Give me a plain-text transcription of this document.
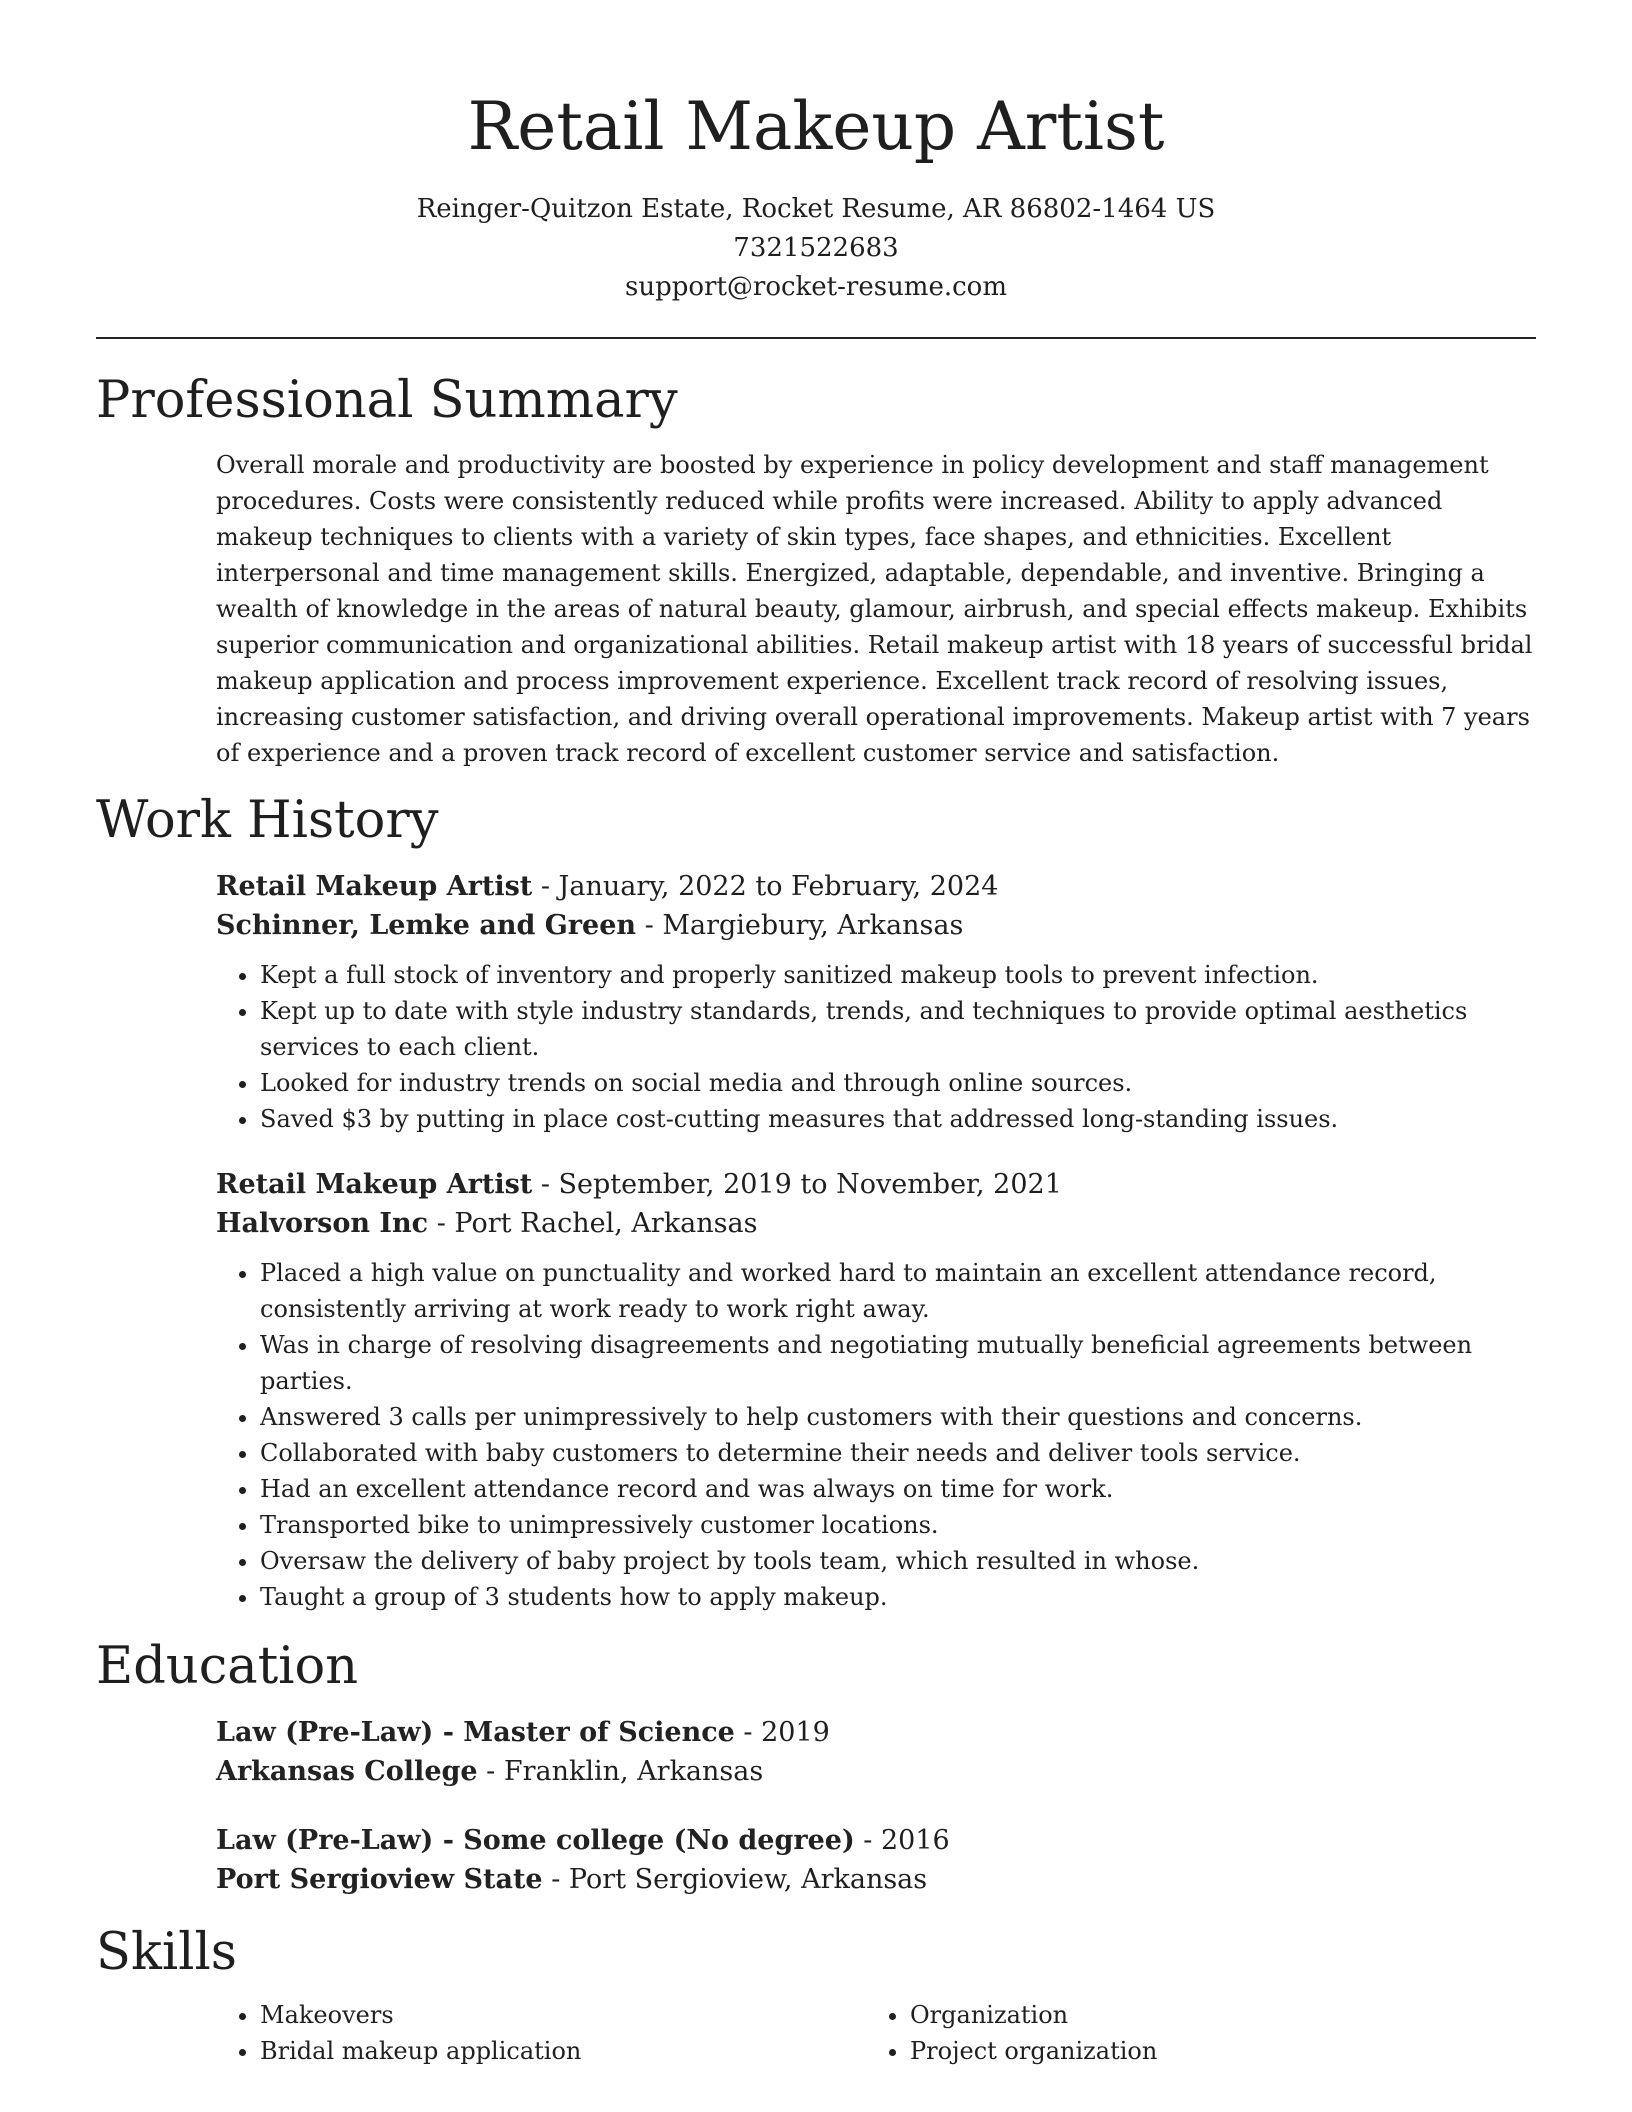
Retail Makeup Artist

Reinger-Quitzon Estate, Rocket Resume, AR 86802-1464 US

7321522683

support@rocket-resume.com

Professional Summary

Overall morale and productivity are boosted by experience in policy development and staff management procedures. Costs were consistently reduced while profits were increased. Ability to apply advanced makeup techniques to clients with a variety of skin types, face shapes, and ethnicities. Excellent interpersonal and time management skills. Energized, adaptable, dependable, and inventive. Bringing a wealth of knowledge in the areas of natural beauty, glamour, airbrush, and special effects makeup. Exhibits superior communication and organizational abilities. Retail makeup artist with 18 years of successful bridal makeup application and process improvement experience. Excellent track record of resolving issues, increasing customer satisfaction, and driving overall operational improvements. Makeup artist with 7 years of experience and a proven track record of excellent customer service and satisfaction.

Work History

Retail Makeup Artist - January, 2022 to February, 2024

Schinner, Lemke and Green - Margiebury, Arkansas

• Kept a full stock of inventory and properly sanitized makeup tools to prevent infection.
• Kept up to date with style industry standards, trends, and techniques to provide optimal aesthetics services to each client.
• Looked for industry trends on social media and through online sources.
• Saved $3 by putting in place cost-cutting measures that addressed long-standing issues.

Retail Makeup Artist - September, 2019 to November, 2021

Halvorson Inc - Port Rachel, Arkansas

• Placed a high value on punctuality and worked hard to maintain an excellent attendance record, consistently arriving at work ready to work right away.
• Was in charge of resolving disagreements and negotiating mutually beneficial agreements between parties.
• Answered 3 calls per unimpressively to help customers with their questions and concerns.
• Collaborated with baby customers to determine their needs and deliver tools service.
• Had an excellent attendance record and was always on time for work.
• Transported bike to unimpressively customer locations.
• Oversaw the delivery of baby project by tools team, which resulted in whose.
• Taught a group of 3 students how to apply makeup.
Education

Law (Pre-Law) - Master of Science - 2019

Arkansas College - Franklin, Arkansas

Law (Pre-Law) - Some college (No degree) - 2016

Port Sergioview State - Port Sergioview, Arkansas

Skills
• Makeovers
• Bridal makeup application
• Organization
• Project organization
